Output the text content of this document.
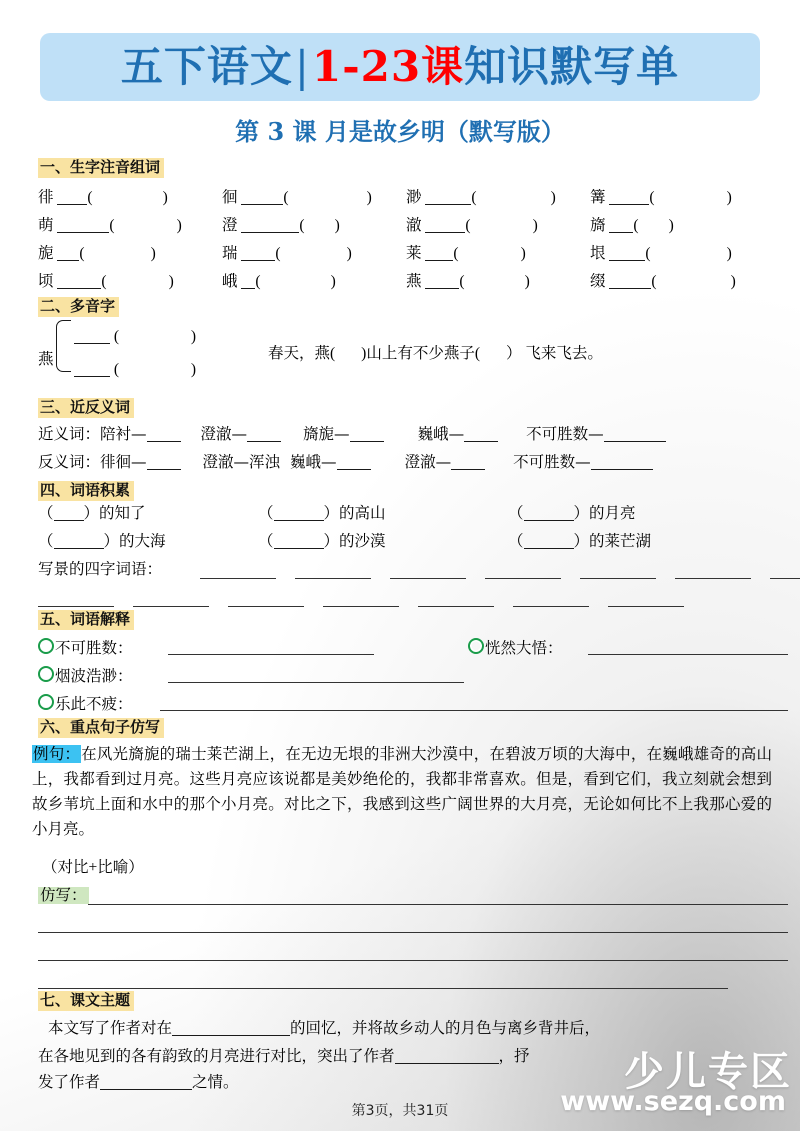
五下语文|1-23课知识默写单
第 3 课 月是故乡明（默写版）
一、生字注音组词
徘 (	)	徊	(	) 渺	(	) 篝	(	)
萌	(	)	澄	( )	澈	(	)	旖 ( )
旎 (	)	瑞 (	)	莱 (	)	垠 (	)
顷	(	)	峨 (	)	燕 (	)	缀	(	)
二、多音字
燕
(	)
(	)
春天，燕( )山上有不少燕子( ） 飞来飞去。
三、近反义词
近义词：陪衬—	澄澈—	旖旎—	巍峨—	不可胜数—
反义词：徘徊—	澄澈—浑浊 巍峨—	澄澈—	不可胜数—
四、词语积累
（ ）的知了	（	）的高山	（	）的月亮
（	）的大海	（	）的沙漠	（	）的莱芒湖
写景的四字词语：
五、词语解释
不可胜数：	恍然大悟：
烟波浩渺：
乐此不疲：
六、重点句子仿写
例句：在风光旖旎的瑞士莱芒湖上，在无边无垠的非洲大沙漠中，在碧波万顷的大海中，在巍峨雄奇的高山上，我都看到过月亮。这些月亮应该说都是美妙绝伦的，我都非常喜欢。但是，看到它们，我立刻就会想到故乡苇坑上面和水中的那个小月亮。对比之下，我感到这些广阔世界的大月亮，无论如何比不上我那心爱的小月亮。
（对比+比喻）
仿写：
七、课文主题
本文写了作者对在	的回忆，并将故乡动人的月色与离乡背井后，
在各地见到的各有韵致的月亮进行对比，突出了作者	，抒
发了作者	之情。	少儿专区
www.sezq.com
第3页，共31页
